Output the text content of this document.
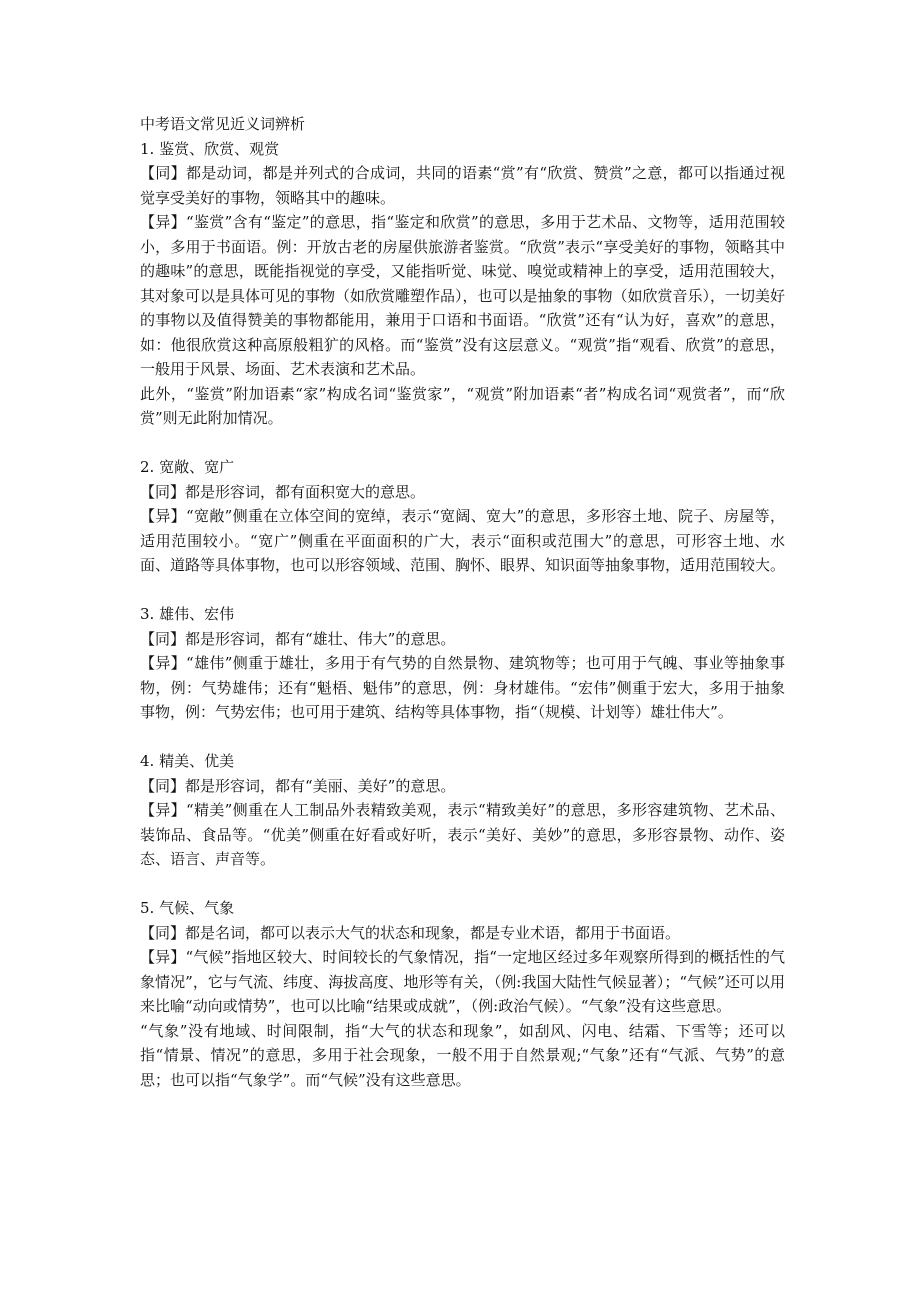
中考语文常见近义词辨析

1. 鉴赏、欣赏、观赏

【同】都是动词，都是并列式的合成词，共同的语素“赏”有“欣赏、赞赏”之意，都可以指通过视觉享受美好的事物，领略其中的趣味。

【异】“鉴赏”含有“鉴定”的意思，指“鉴定和欣赏”的意思，多用于艺术品、文物等，适用范围较小，多用于书面语。例：开放古老的房屋供旅游者鉴赏。“欣赏”表示“享受美好的事物，领略其中的趣味”的意思，既能指视觉的享受，又能指听觉、味觉、嗅觉或精神上的享受，适用范围较大，其对象可以是具体可见的事物（如欣赏雕塑作品），也可以是抽象的事物（如欣赏音乐），一切美好的事物以及值得赞美的事物都能用，兼用于口语和书面语。“欣赏”还有“认为好，喜欢”的意思，如：他很欣赏这种高原般粗犷的风格。而“鉴赏”没有这层意义。“观赏”指“观看、欣赏”的意思，一般用于风景、场面、艺术表演和艺术品。

此外，“鉴赏”附加语素“家”构成名词“鉴赏家”，“观赏”附加语素“者”构成名词“观赏者”，而“欣赏”则无此附加情况。

2. 宽敞、宽广

【同】都是形容词，都有面积宽大的意思。

【异】“宽敞”侧重在立体空间的宽绰，表示“宽阔、宽大”的意思，多形容土地、院子、房屋等，适用范围较小。“宽广”侧重在平面面积的广大，表示“面积或范围大”的意思，可形容土地、水面、道路等具体事物，也可以形容领域、范围、胸怀、眼界、知识面等抽象事物，适用范围较大。

3. 雄伟、宏伟

【同】都是形容词，都有“雄壮、伟大”的意思。

【异】“雄伟”侧重于雄壮，多用于有气势的自然景物、建筑物等；也可用于气魄、事业等抽象事物，例：气势雄伟；还有“魁梧、魁伟”的意思，例：身材雄伟。“宏伟”侧重于宏大，多用于抽象事物，例：气势宏伟；也可用于建筑、结构等具体事物，指“（规模、计划等）雄壮伟大”。

4. 精美、优美

【同】都是形容词，都有“美丽、美好”的意思。

【异】“精美”侧重在人工制品外表精致美观，表示“精致美好”的意思，多形容建筑物、艺术品、装饰品、食品等。“优美”侧重在好看或好听，表示“美好、美妙”的意思，多形容景物、动作、姿态、语言、声音等。

5. 气候、气象

【同】都是名词，都可以表示大气的状态和现象，都是专业术语，都用于书面语。

【异】“气候”指地区较大、时间较长的气象情况，指“一定地区经过多年观察所得到的概括性的气象情况”，它与气流、纬度、海拔高度、地形等有关，（例:我国大陆性气候显著）；“气候”还可以用来比喻“动向或情势”，也可以比喻“结果或成就”，（例:政治气候）。“气象”没有这些意思。

“气象”没有地域、时间限制，指“大气的状态和现象”，如刮风、闪电、结霜、下雪等；还可以指“情景、情况”的意思，多用于社会现象，一般不用于自然景观;“气象”还有“气派、气势”的意思；也可以指“气象学”。而“气候”没有这些意思。
